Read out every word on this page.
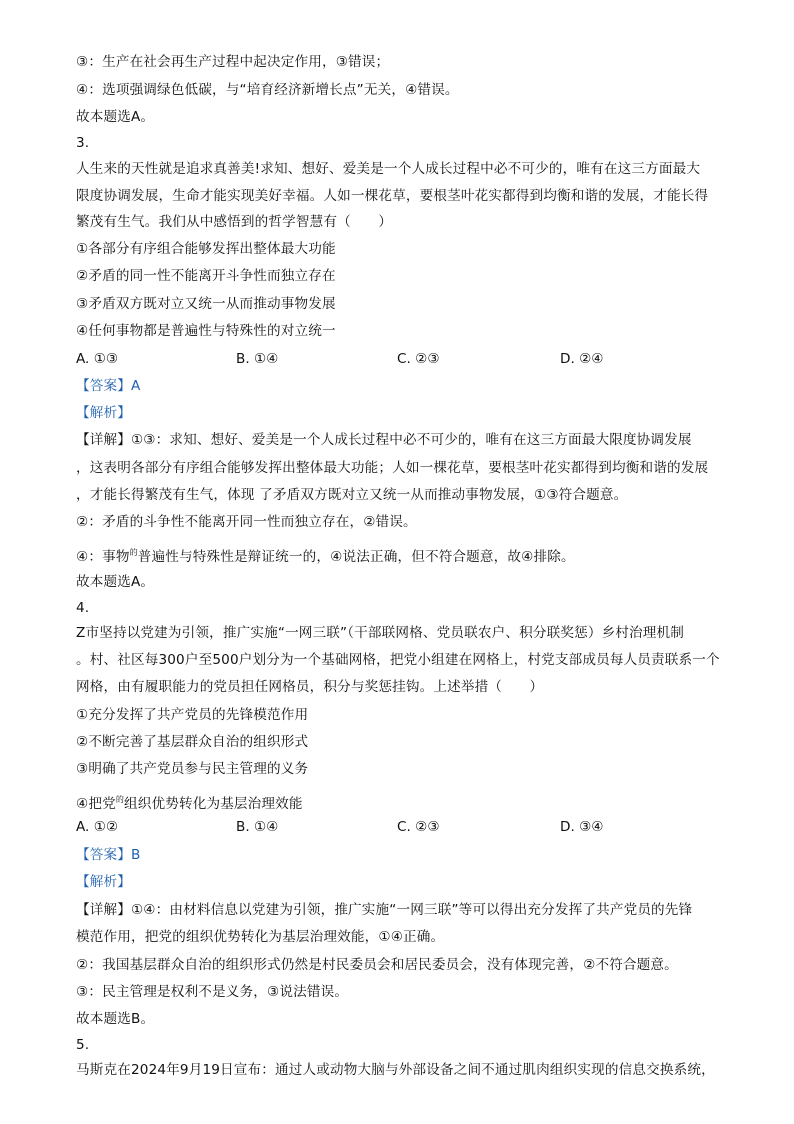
③：生产在社会再生产过程中起决定作用，③错误；
④：选项强调绿色低碳，与“培育经济新增长点”无关，④错误。
故本题选A。
3.
人生来的天性就是追求真善美!求知、想好、爱美是一个人成长过程中必不可少的，唯有在这三方面最大
限度协调发展，生命才能实现美好幸福。人如一棵花草，要根茎叶花实都得到均衡和谐的发展，才能长得
繁茂有生气。我们从中感悟到的哲学智慧有（　　）
①各部分有序组合能够发挥出整体最大功能
②矛盾的同一性不能离开斗争性而独立存在
③矛盾双方既对立又统一从而推动事物发展
④任何事物都是普遍性与特殊性的对立统一
A. ①③	B. ①④	C. ②③	D. ②④
【答案】A
【解析】
【详解】①③：求知、想好、爱美是一个人成长过程中必不可少的，唯有在这三方面最大限度协调发展
，这表明各部分有序组合能够发挥出整体最大功能；人如一棵花草，要根茎叶花实都得到均衡和谐的发展
，才能长得繁茂有生气，体现 了矛盾双方既对立又统一从而推动事物发展，①③符合题意。
②：矛盾的斗争性不能离开同一性而独立存在，②错误。
④：事物$^的$普遍性与特殊性是辩证统一的，④说法正确，但不符合题意，故④排除。
故本题选A。
4.
Z市坚持以党建为引领，推广实施“一网三联”（干部联网格、党员联农户、积分联奖惩）乡村治理机制
。村、社区每300户至500户划分为一个基础网格，把党小组建在网格上，村党支部成员每人员责联系一个
网格，由有履职能力的党员担任网格员，积分与奖惩挂钩。上述举措（　　）
①充分发挥了共产党员的先锋模范作用
②不断完善了基层群众自治的组织形式
③明确了共产党员参与民主管理的义务
④把党$^的$组织优势转化为基层治理效能
A. ①②	B. ①④	C. ②③	D. ③④
【答案】B
【解析】
【详解】①④：由材料信息以党建为引领，推广实施“一网三联”等可以得出充分发挥了共产党员的先锋
模范作用，把党的组织优势转化为基层治理效能，①④正确。
②：我国基层群众自治的组织形式仍然是村民委员会和居民委员会，没有体现完善，②不符合题意。
③：民主管理是权利不是义务，③说法错误。
故本题选B。
5.
马斯克在2024年9月19日宣布：通过人或动物大脑与外部设备之间不通过肌肉组织实现的信息交换系统，
